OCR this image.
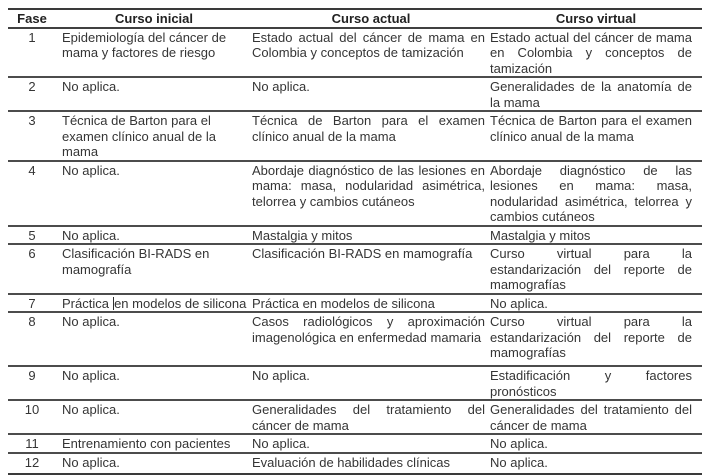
Fase	Curso inicial	Curso actual	Curso virtual
1	Epidemiología del cáncer de mama y factores de riesgo	Estado actual del cáncer de mama en Colombia y conceptos de tamización	Estado actual del cáncer de mama en Colombia y conceptos de tamización
2	No aplica.	No aplica.	Generalidades de la anatomía de la mama
3	Técnica de Barton para el examen clínico anual de la mama	Técnica de Barton para el examen clínico anual de la mama	Técnica de Barton para el examen clínico anual de la mama
4	No aplica.	Abordaje diagnóstico de las lesiones en mama: masa, nodularidad asimétrica, telorrea y cambios cutáneos	Abordaje diagnóstico de las lesiones en mama: masa, nodularidad asimétrica, telorrea y cambios cutáneos
5	No aplica.	Mastalgia y mitos	Mastalgia y mitos
6	Clasificación BI-RADS en mamografía	Clasificación BI-RADS en mamografía	Curso virtual para la estandarización del reporte de mamografías
7	Práctica en modelos de silicona	Práctica en modelos de silicona	No aplica.
8	No aplica.	Casos radiológicos y aproximación imagenológica en enfermedad mamaria	Curso virtual para la estandarización del reporte de mamografías
9	No aplica.	No aplica.	Estadificación y factores pronósticos
10	No aplica.	Generalidades del tratamiento del cáncer de mama	Generalidades del tratamiento del cáncer de mama
11	Entrenamiento con pacientes	No aplica.	No aplica.
12	No aplica.	Evaluación de habilidades clínicas	No aplica.
